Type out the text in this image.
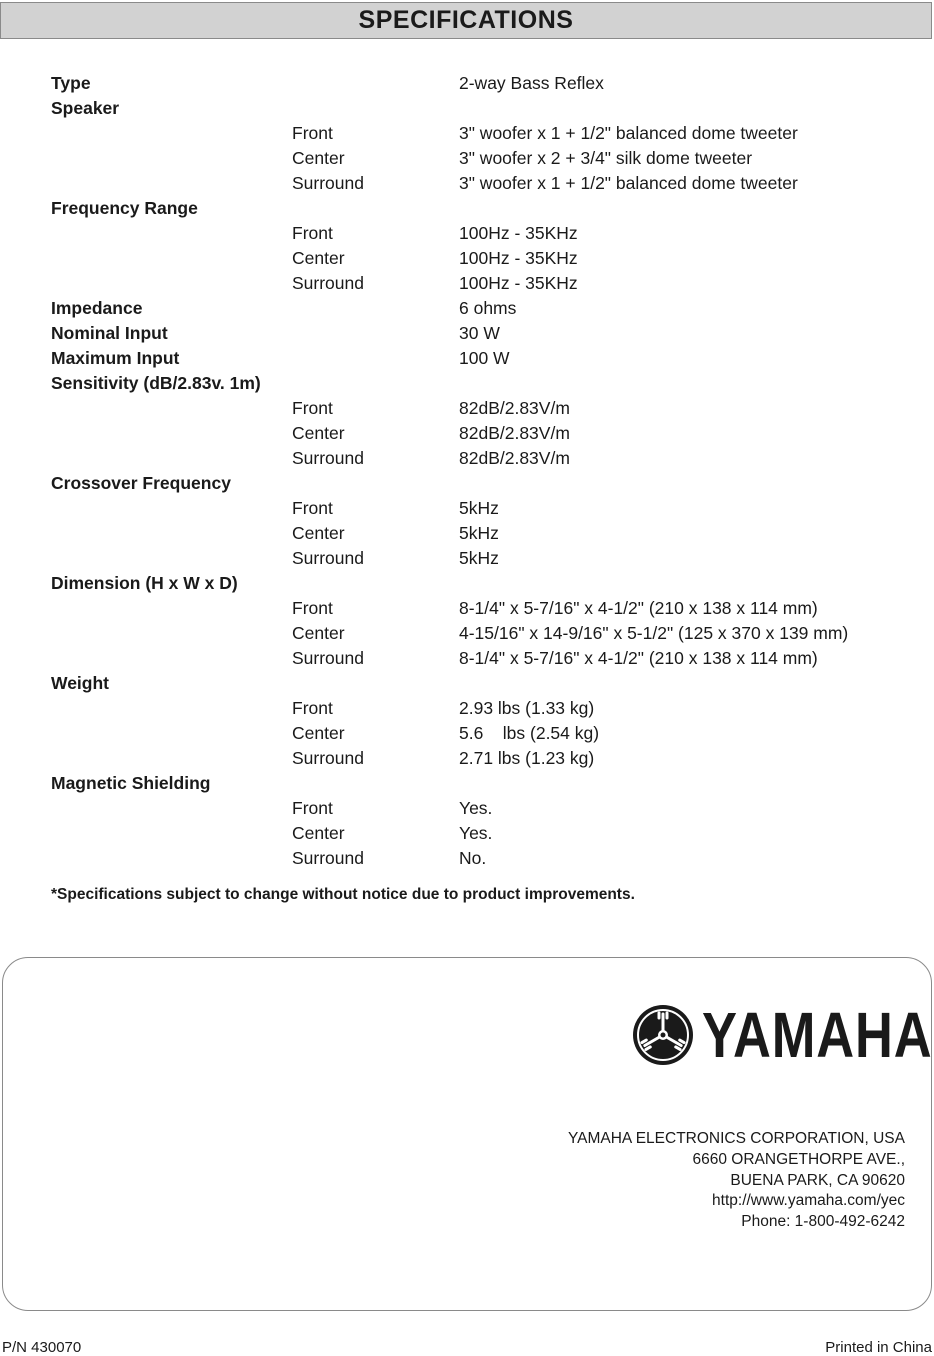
SPECIFICATIONS
Type	2-way Bass Reflex
Speaker
Front	3" woofer x 1 + 1/2" balanced dome tweeter
Center	3" woofer x 2 + 3/4" silk dome tweeter
Surround	3" woofer x 1 + 1/2" balanced dome tweeter
Frequency Range
Front	100Hz - 35KHz
Center	100Hz - 35KHz
Surround	100Hz - 35KHz
Impedance	6 ohms
Nominal Input	30 W
Maximum Input	100 W
Sensitivity (dB/2.83v. 1m)
Front	82dB/2.83V/m
Center	82dB/2.83V/m
Surround	82dB/2.83V/m
Crossover Frequency
Front	5kHz
Center	5kHz
Surround	5kHz
Dimension (H x W x D)
Front	8-1/4" x 5-7/16" x 4-1/2" (210 x 138 x 114 mm)
Center	4-15/16" x 14-9/16" x 5-1/2" (125 x 370 x 139 mm)
Surround	8-1/4" x 5-7/16" x 4-1/2" (210 x 138 x 114 mm)
Weight
Front	2.93 lbs (1.33 kg)
Center	5.6    lbs (2.54 kg)
Surround	2.71 lbs (1.23 kg)
Magnetic Shielding
Front	Yes.
Center	Yes.
Surround	No.
*Specifications subject to change without notice due to product improvements.
YAMAHA
YAMAHA ELECTRONICS CORPORATION, USA
6660 ORANGETHORPE AVE.,
BUENA PARK, CA 90620
http://www.yamaha.com/yec
Phone: 1-800-492-6242
P/N 430070	Printed in China
